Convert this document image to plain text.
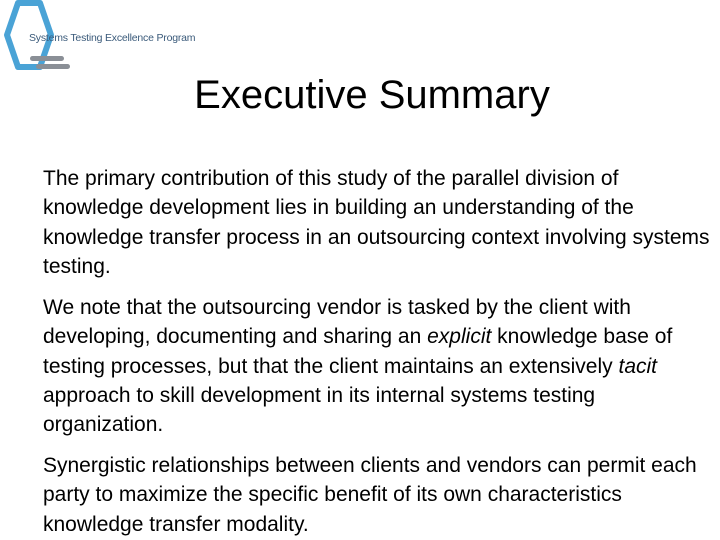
Systems Testing Excellence Program
Executive Summary

The primary contribution of this study of the parallel division of knowledge development lies in building an understanding of the knowledge transfer process in an outsourcing context involving systems testing.

We note that the outsourcing vendor is tasked by the client with developing, documenting and sharing an explicit knowledge base of testing processes, but that the client maintains an extensively tacit approach to skill development in its internal systems testing organization.

Synergistic relationships between clients and vendors can permit each party to maximize the specific benefit of its own characteristics knowledge transfer modality.
